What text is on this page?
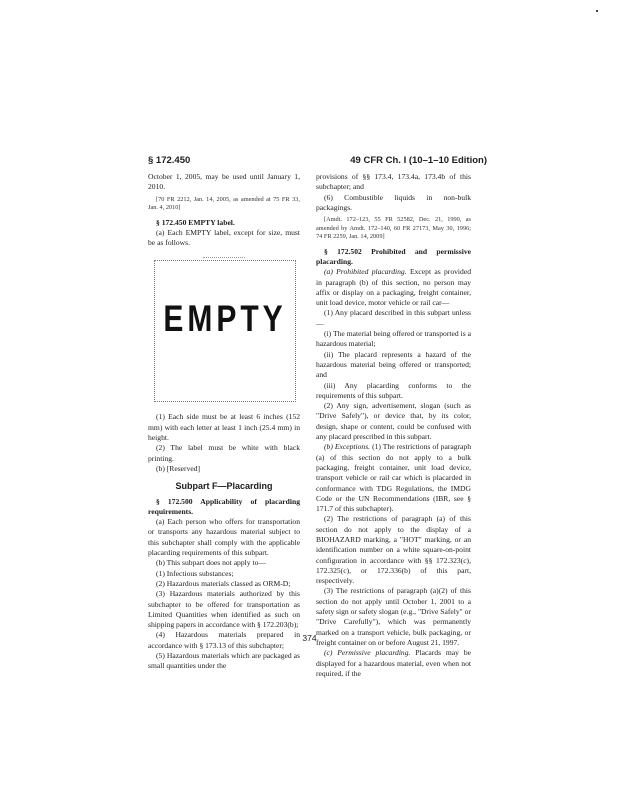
§ 172.450	49 CFR Ch. I (10–1–10 Edition)

October 1, 2005, may be used until January 1, 2010.

[70 FR 2212, Jan. 14, 2005, as amended at 75 FR 33, Jan. 4, 2010]

§ 172.450 EMPTY label.

(a) Each EMPTY label, except for size, must be as follows.

EMPTY

(1) Each side must be at least 6 inches (152 mm) with each letter at least 1 inch (25.4 mm) in height.

(2) The label must be white with black printing.

(b) [Reserved]

Subpart F—Placarding

§ 172.500 Applicability of placarding requirements.

(a) Each person who offers for transportation or transports any hazardous material subject to this subchapter shall comply with the applicable placarding requirements of this subpart.

(b) This subpart does not apply to—

(1) Infectious substances;

(2) Hazardous materials classed as ORM-D;

(3) Hazardous materials authorized by this subchapter to be offered for transportation as Limited Quantities when identified as such on shipping papers in accordance with § 172.203(b);

(4) Hazardous materials prepared in accordance with § 173.13 of this subchapter;

(5) Hazardous materials which are packaged as small quantities under the

provisions of §§ 173.4, 173.4a, 173.4b of this subchapter; and

(6) Combustible liquids in non-bulk packagings.

[Amdt. 172–123, 55 FR 52582, Dec. 21, 1990, as amended by Amdt. 172–140, 60 FR 27173, May 30, 1996; 74 FR 2259, Jan. 14, 2009]

§ 172.502 Prohibited and permissive placarding.

(a) Prohibited placarding. Except as provided in paragraph (b) of this section, no person may affix or display on a packaging, freight container, unit load device, motor vehicle or rail car—

(1) Any placard described in this subpart unless—

(i) The material being offered or transported is a hazardous material;

(ii) The placard represents a hazard of the hazardous material being offered or transported; and

(iii) Any placarding conforms to the requirements of this subpart.

(2) Any sign, advertisement, slogan (such as "Drive Safely"), or device that, by its color, design, shape or content, could be confused with any placard prescribed in this subpart.

(b) Exceptions. (1) The restrictions of paragraph (a) of this section do not apply to a bulk packaging, freight container, unit load device, transport vehicle or rail car which is placarded in conformance with TDG Regulations, the IMDG Code or the UN Recommendations (IBR, see § 171.7 of this subchapter).

(2) The restrictions of paragraph (a) of this section do not apply to the display of a BIOHAZARD marking, a "HOT" marking, or an identification number on a white square-on-point configuration in accordance with §§ 172.323(c), 172.325(c), or 172.336(b) of this part, respectively.

(3) The restrictions of paragraph (a)(2) of this section do not apply until October 1, 2001 to a safety sign or safety slogan (e.g., "Drive Safely" or "Drive Carefully"), which was permanently marked on a transport vehicle, bulk packaging, or freight container on or before August 21, 1997.

(c) Permissive placarding. Placards may be displayed for a hazardous material, even when not required, if the

374
